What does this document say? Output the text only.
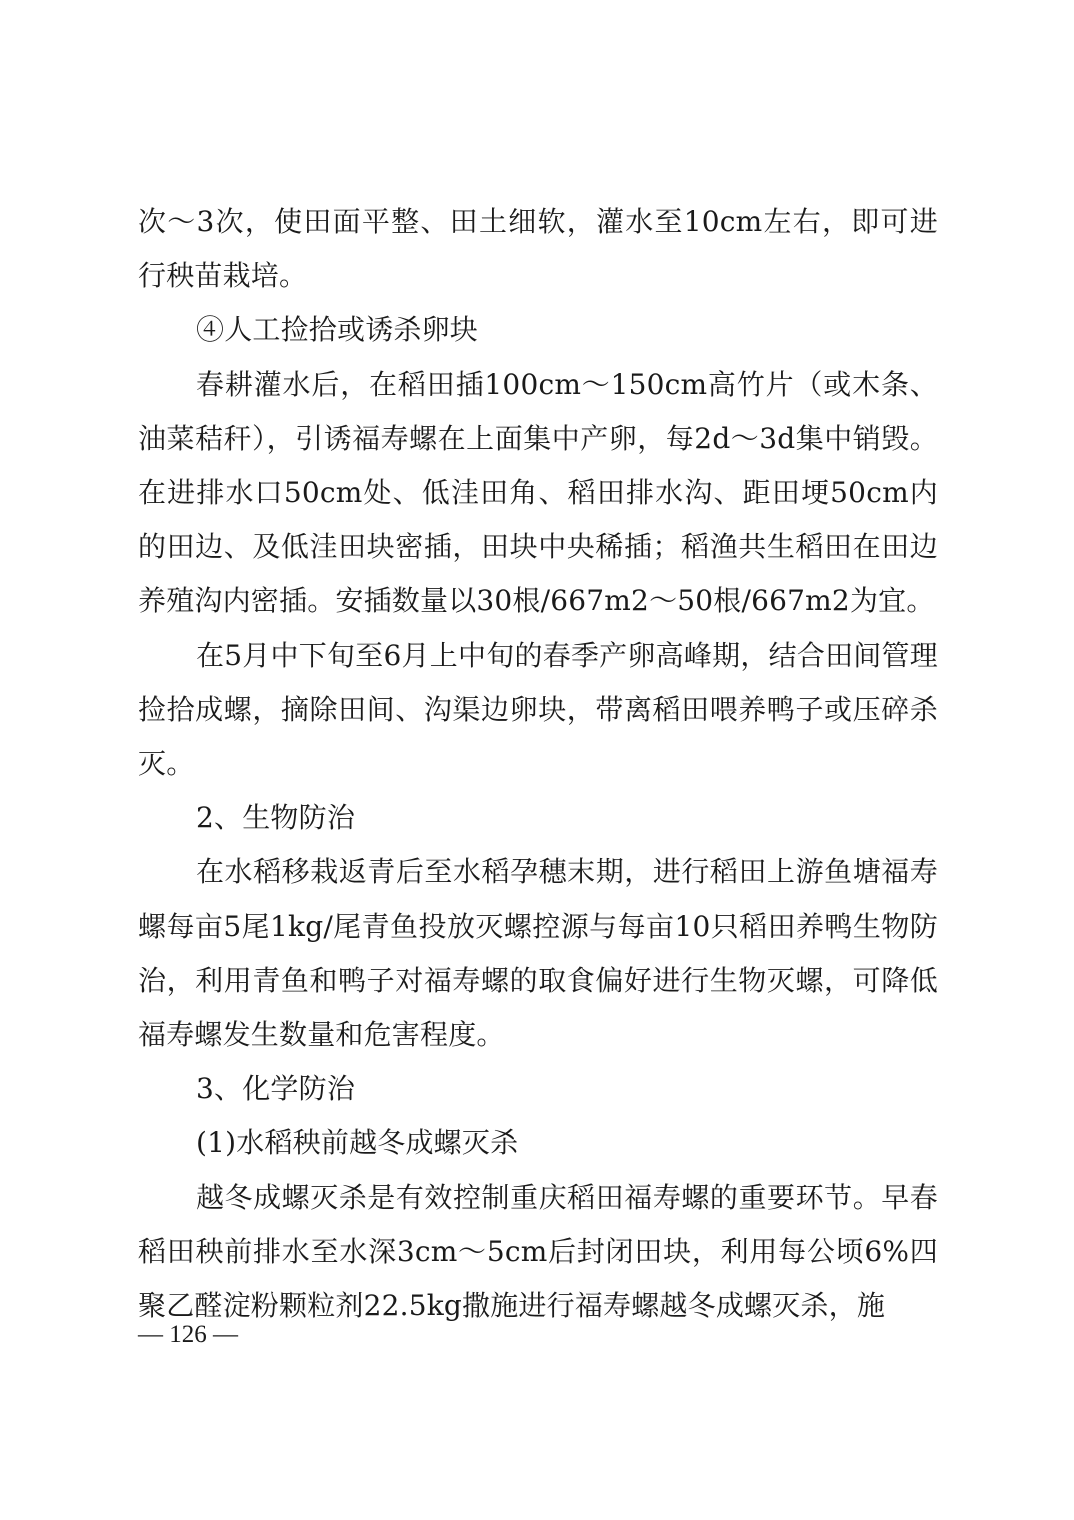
次～3次，使田面平整、田土细软，灌水至10cm左右，即可进行秧苗栽培。

④人工捡拾或诱杀卵块

春耕灌水后，在稻田插100cm～150cm高竹片（或木条、油菜秸秆），引诱福寿螺在上面集中产卵，每2d～3d集中销毁。在进排水口50cm处、低洼田角、稻田排水沟、距田埂50cm内的田边、及低洼田块密插，田块中央稀插；稻渔共生稻田在田边养殖沟内密插。安插数量以30根/667m2～50根/667m2为宜。

在5月中下旬至6月上中旬的春季产卵高峰期，结合田间管理捡拾成螺，摘除田间、沟渠边卵块，带离稻田喂养鸭子或压碎杀灭。

2、生物防治

在水稻移栽返青后至水稻孕穗末期，进行稻田上游鱼塘福寿螺每亩5尾1kg/尾青鱼投放灭螺控源与每亩10只稻田养鸭生物防治，利用青鱼和鸭子对福寿螺的取食偏好进行生物灭螺，可降低福寿螺发生数量和危害程度。

3、化学防治

(1)水稻秧前越冬成螺灭杀

越冬成螺灭杀是有效控制重庆稻田福寿螺的重要环节。早春稻田秧前排水至水深3cm～5cm后封闭田块，利用每公顷6%四聚乙醛淀粉颗粒剂22.5kg撒施进行福寿螺越冬成螺灭杀，施

— 126 —
